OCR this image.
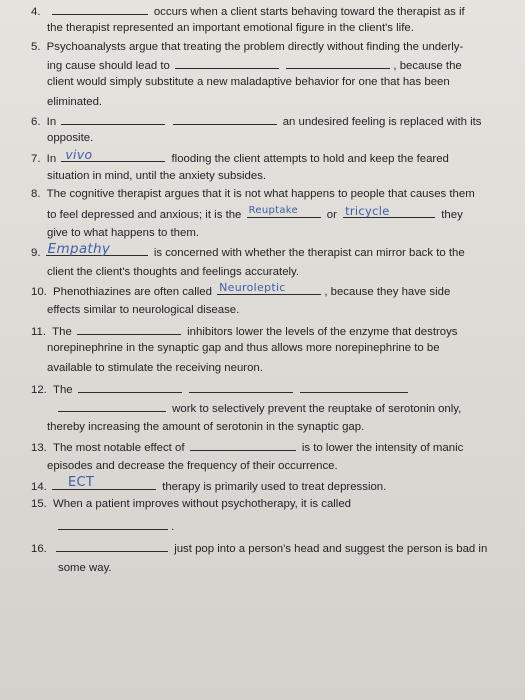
4.	occurs when a client starts behaving toward the therapist as if
the therapist represented an important emotional figure in the client's life.
5. Psychoanalysts argue that treating the problem directly without finding the underly-
ing cause should lead to	, because the
client would simply substitute a new maladaptive behavior for one that has been
eliminated.
6. In	an undesired feeling is replaced with its
opposite.
7. In vivo	flooding the client attempts to hold and keep the feared
situation in mind, until the anxiety subsides.
8. The cognitive therapist argues that it is not what happens to people that causes them
to feel depressed and anxious; it is the Reuptake	or tricycle	they
give to what happens to them.
9. Empathy	is concerned with whether the therapist can mirror back to the
client the client's thoughts and feelings accurately.
10. Phenothiazines are often called Neuroleptic	, because they have side
effects similar to neurological disease.
11. The	inhibitors lower the levels of the enzyme that destroys
norepinephrine in the synaptic gap and thus allows more norepinephrine to be
available to stimulate the receiving neuron.
12. The
work to selectively prevent the reuptake of serotonin only,
thereby increasing the amount of serotonin in the synaptic gap.
13. The most notable effect of	is to lower the intensity of manic
episodes and decrease the frequency of their occurrence.
14. ECT	therapy is primarily used to treat depression.
15. When a patient improves without psychotherapy, it is called
.
16.	just pop into a person's head and suggest the person is bad in
some way.
